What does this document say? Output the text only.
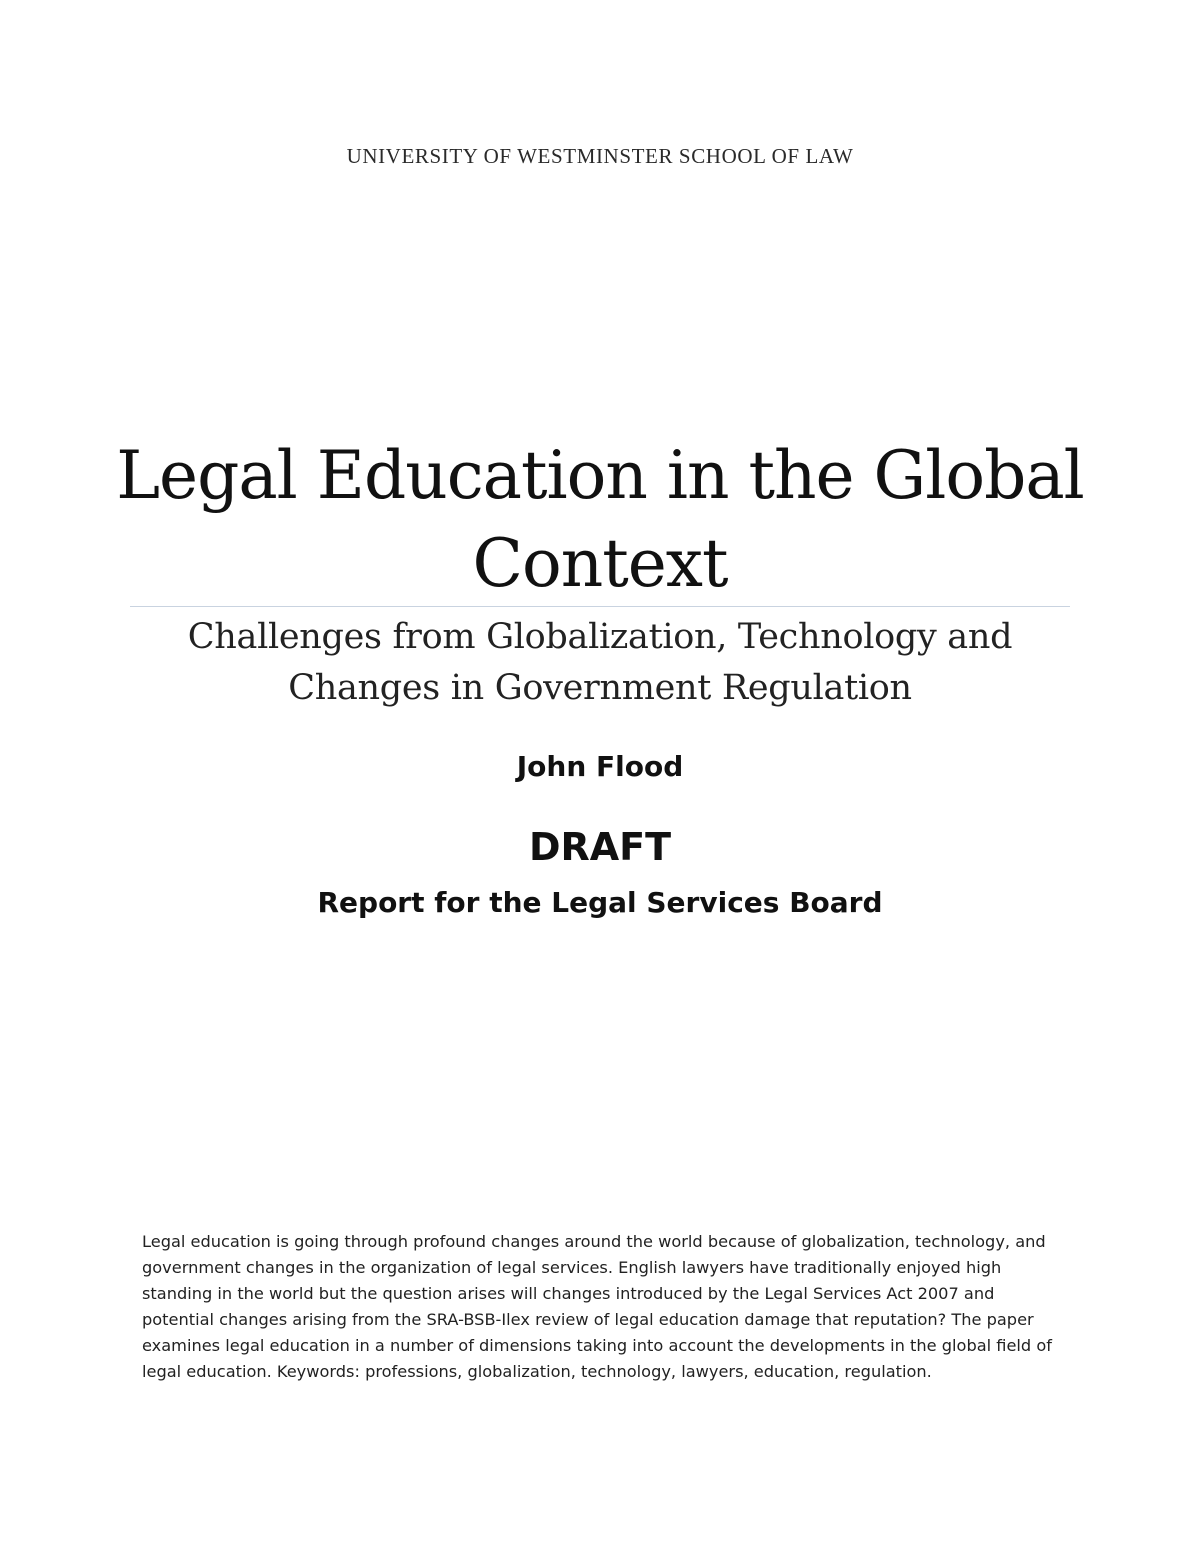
UNIVERSITY OF WESTMINSTER SCHOOL OF LAW
Legal Education in the Global Context
Challenges from Globalization, Technology and
Changes in Government Regulation
John Flood
DRAFT
Report for the Legal Services Board

Legal education is going through profound changes around the world because of globalization, technology, and government changes in the organization of legal services. English lawyers have traditionally enjoyed high standing in the world but the question arises will changes introduced by the Legal Services Act 2007 and potential changes arising from the SRA-BSB-Ilex review of legal education damage that reputation? The paper examines legal education in a number of dimensions taking into account the developments in the global field of legal education. Keywords: professions, globalization, technology, lawyers, education, regulation.
